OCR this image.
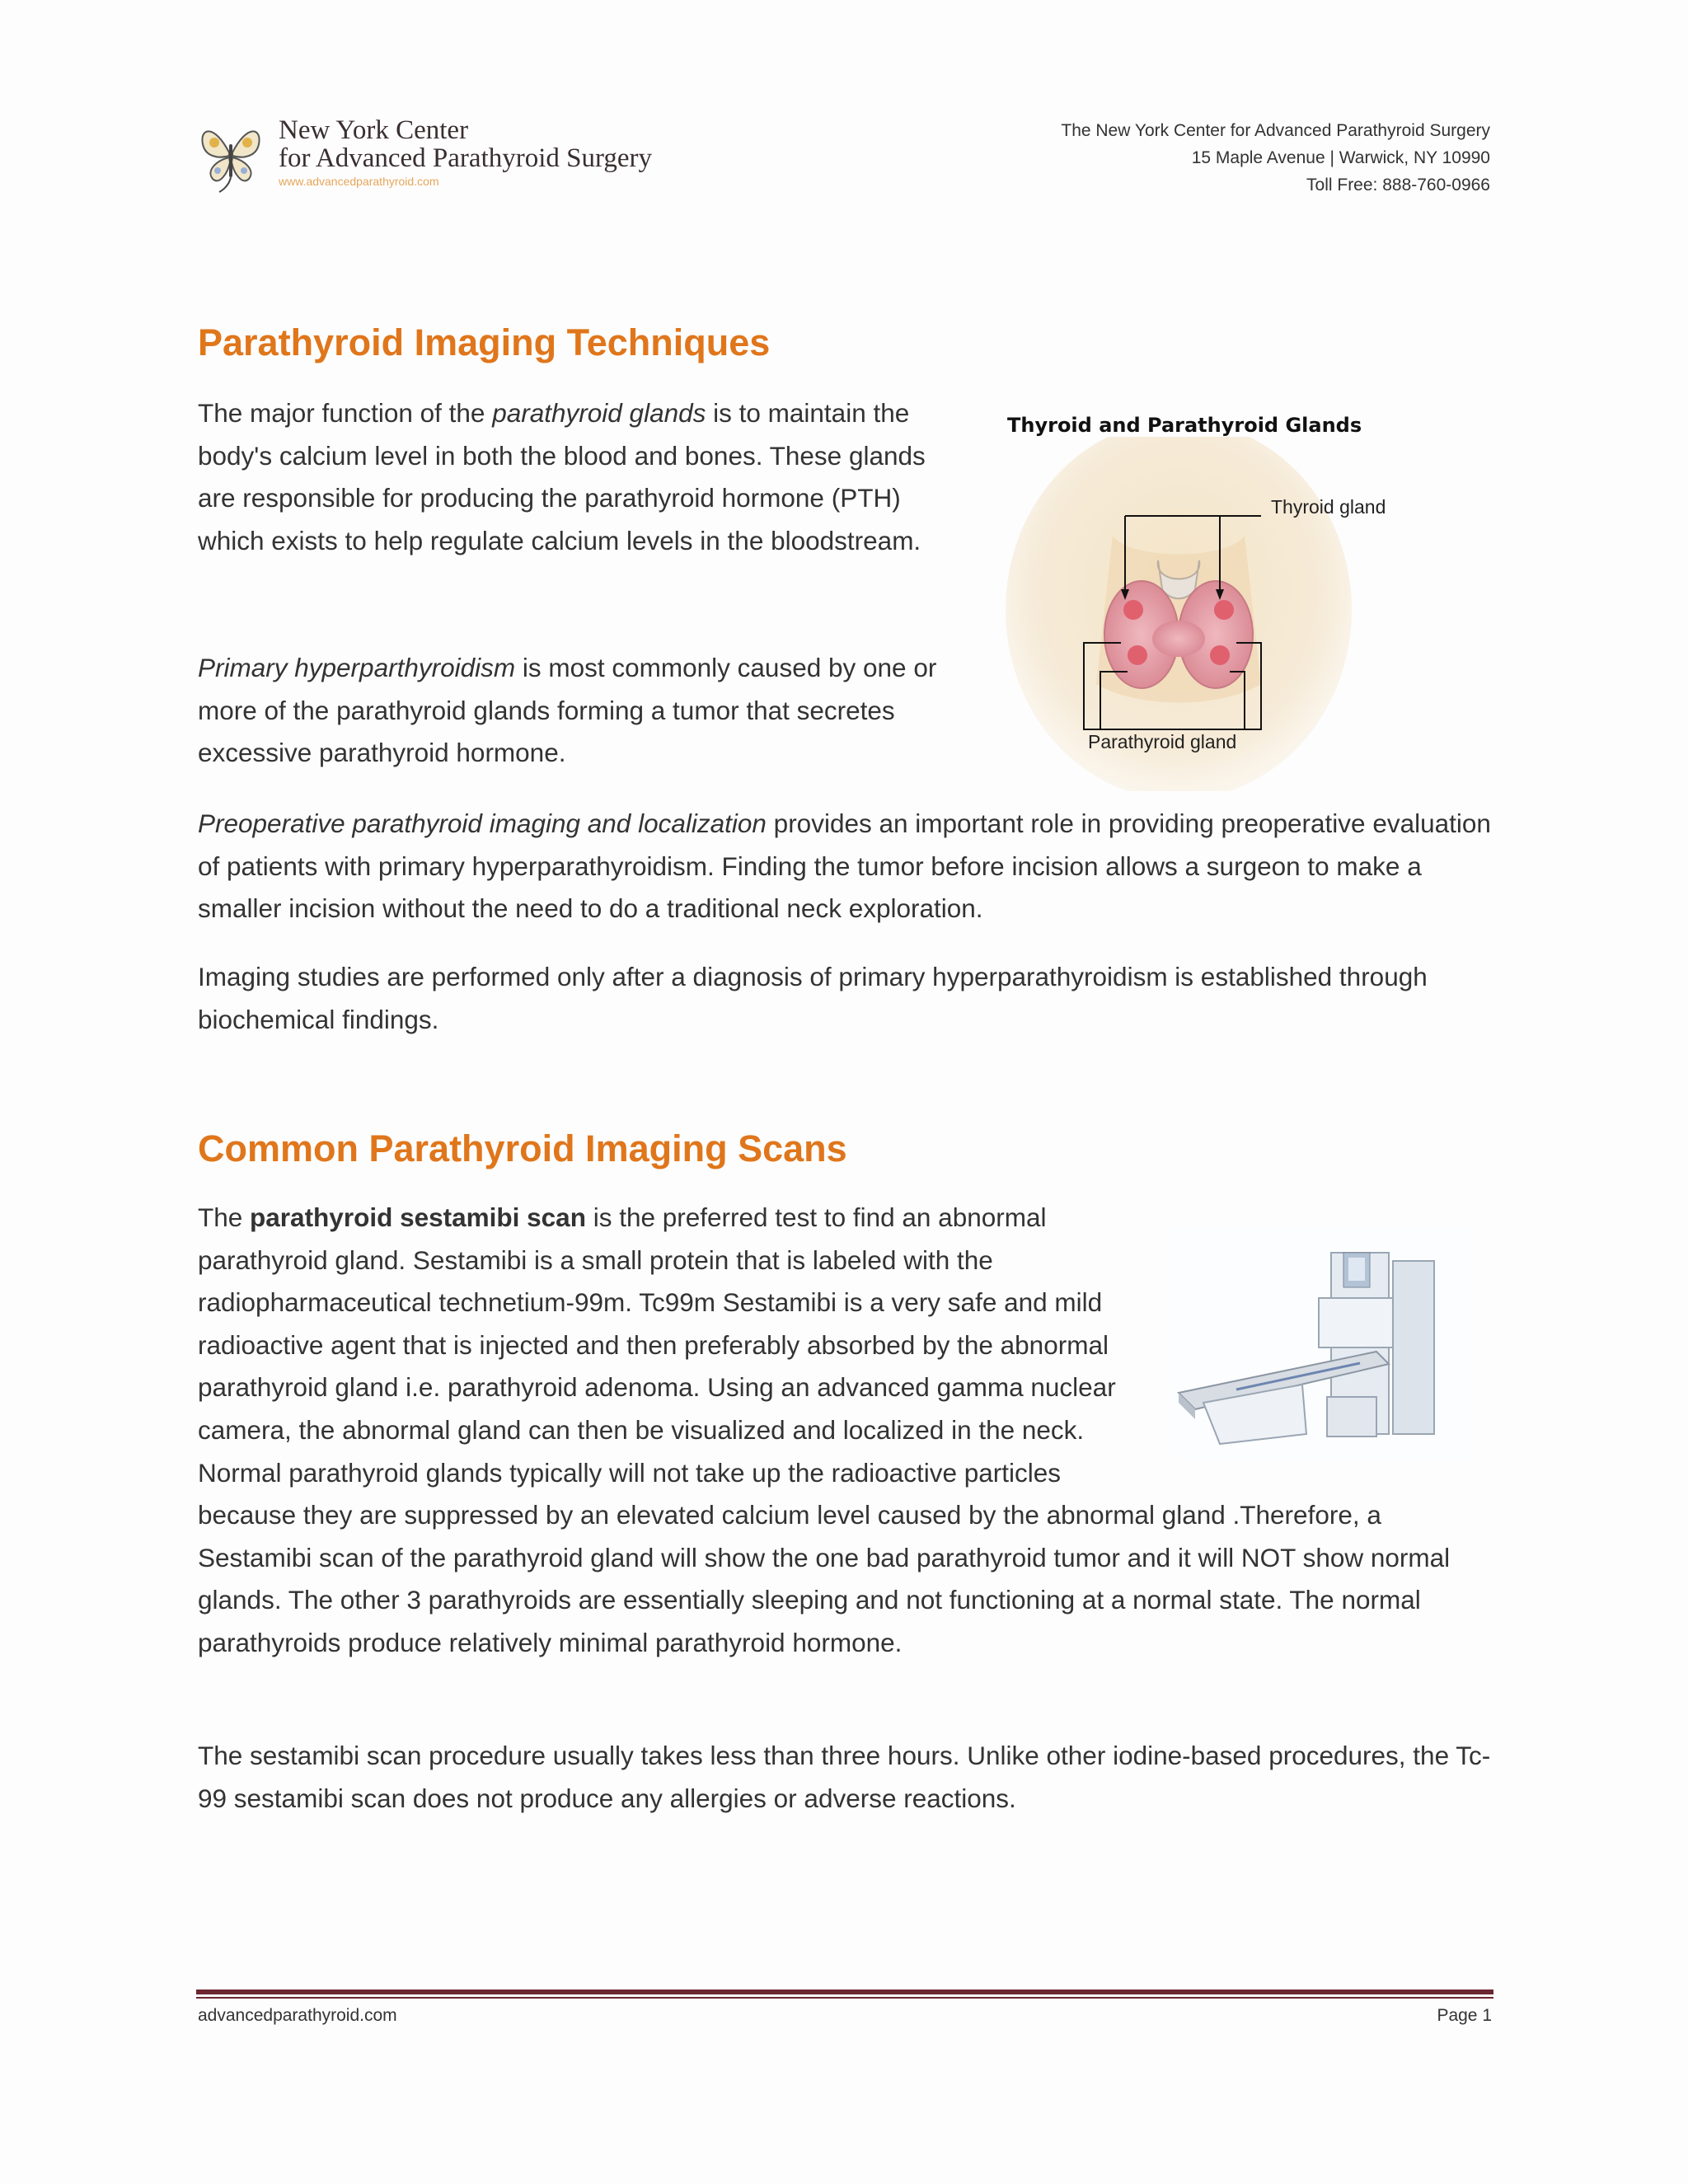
New York Center
for Advanced Parathyroid Surgery
www.advancedparathyroid.com
The New York Center for Advanced Parathyroid Surgery
15 Maple Avenue | Warwick, NY 10990
Toll Free: 888-760-0966
Parathyroid Imaging Techniques

The major function of the parathyroid glands is to maintain the body's calcium level in both the blood and bones. These glands are responsible for producing the parathyroid hormone (PTH) which exists to help regulate calcium levels in the bloodstream.

Primary hyperparthyroidism is most commonly caused by one or more of the parathyroid glands forming a tumor that secretes excessive parathyroid hormone.

Thyroid and Parathyroid Glands
Thyroid gland
Parathyroid gland

Preoperative parathyroid imaging and localization provides an important role in providing preoperative evaluation of patients with primary hyperparathyroidism. Finding the tumor before incision allows a surgeon to make a smaller incision without the need to do a traditional neck exploration.

Imaging studies are performed only after a diagnosis of primary hyperparathyroidism is established through biochemical findings.

Common Parathyroid Imaging Scans

The parathyroid sestamibi scan is the preferred test to find an abnormal parathyroid gland. Sestamibi is a small protein that is labeled with the radiopharmaceutical technetium-99m. Tc99m Sestamibi is a very safe and mild radioactive agent that is injected and then preferably absorbed by the abnormal parathyroid gland i.e. parathyroid adenoma. Using an advanced gamma nuclear camera, the abnormal gland can then be visualized and localized in the neck. Normal parathyroid glands typically will not take up the radioactive particles because they are suppressed by an elevated calcium level caused by the abnormal gland .Therefore, a Sestamibi scan of the parathyroid gland will show the one bad parathyroid tumor and it will NOT show normal glands. The other 3 parathyroids are essentially sleeping and not functioning at a normal state. The normal parathyroids produce relatively minimal parathyroid hormone.

The sestamibi scan procedure usually takes less than three hours. Unlike other iodine-based procedures, the Tc-99 sestamibi scan does not produce any allergies or adverse reactions.

advancedparathyroid.com	Page 1
